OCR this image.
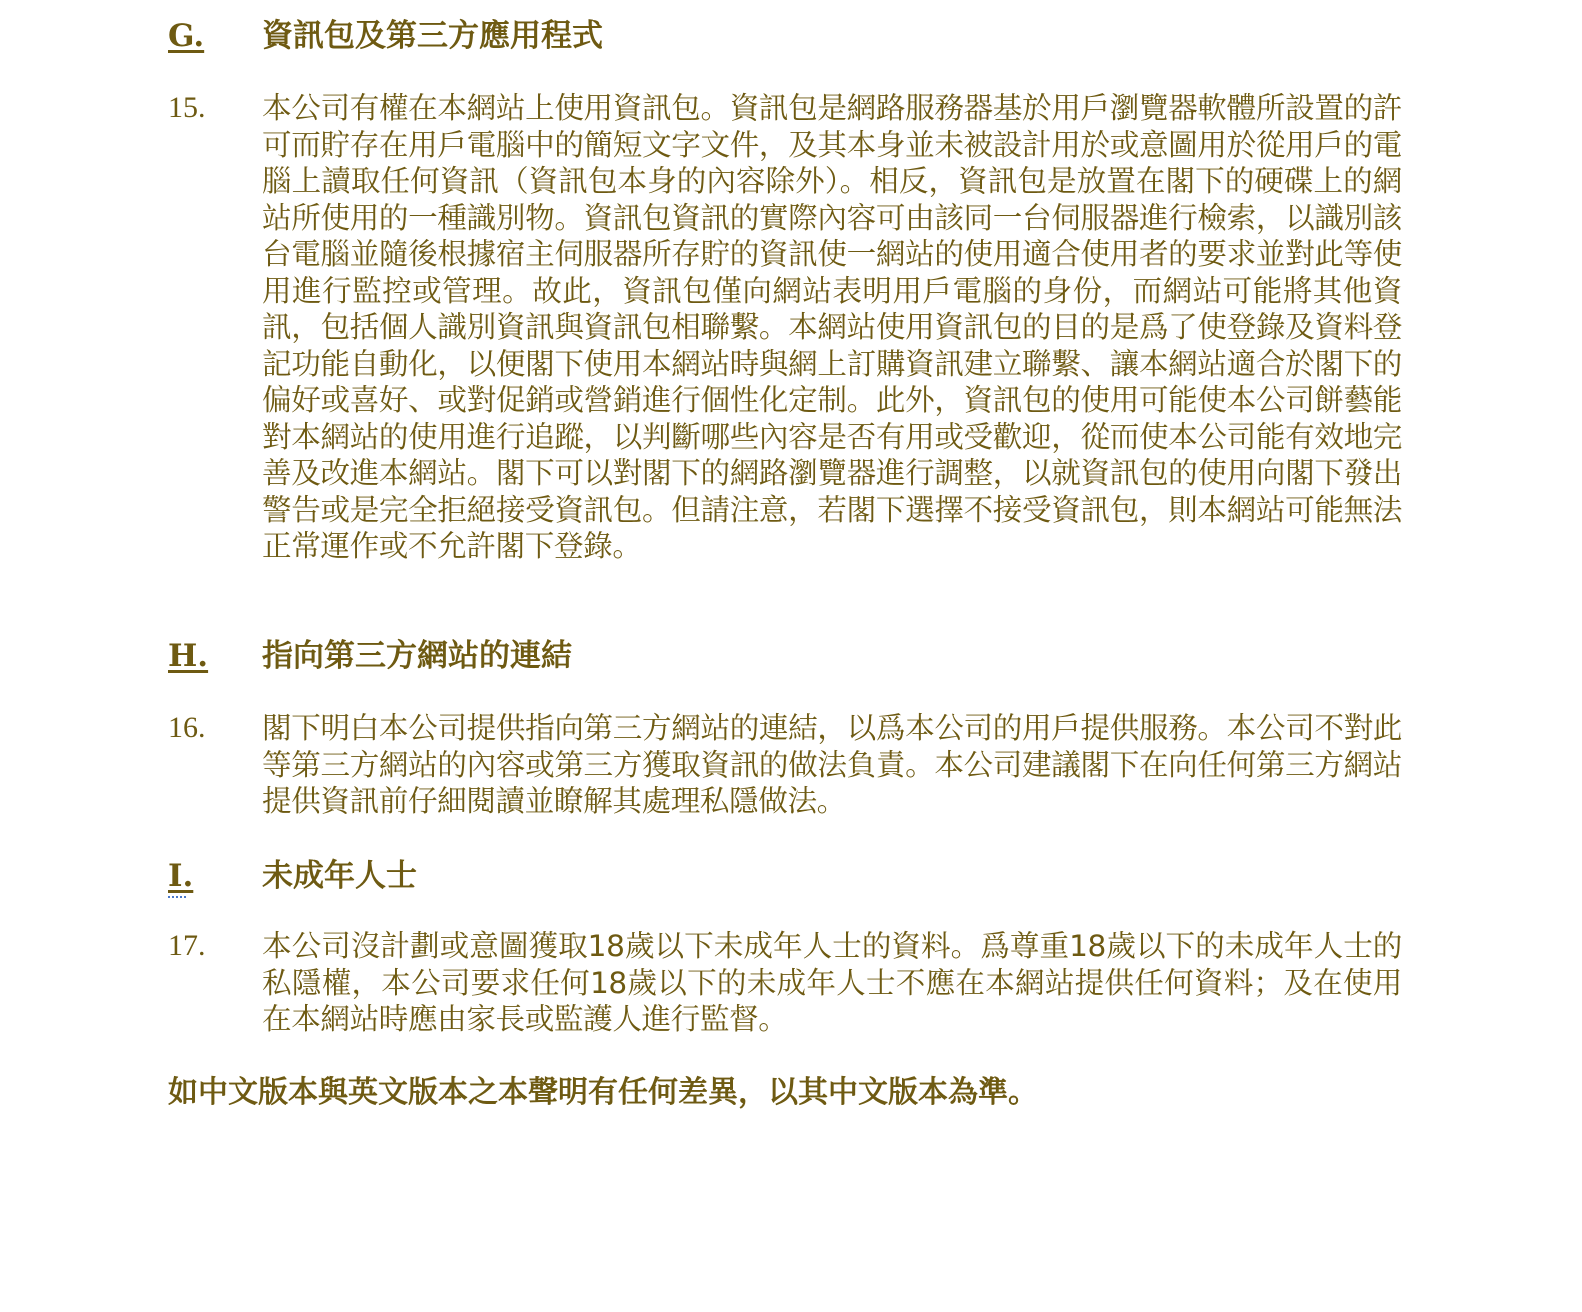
G. 資訊包及第三方應用程式
15. 本公司有權在本網站上使用資訊包。資訊包是網路服務器基於用戶瀏覽器軟體所設置的許可而貯存在用戶電腦中的簡短文字文件，及其本身並未被設計用於或意圖用於從用戶的電腦上讀取任何資訊（資訊包本身的內容除外）。相反，資訊包是放置在閣下的硬碟上的網站所使用的一種識別物。資訊包資訊的實際內容可由該同一台伺服器進行檢索，以識別該台電腦並隨後根據宿主伺服器所存貯的資訊使一網站的使用適合使用者的要求並對此等使用進行監控或管理。故此，資訊包僅向網站表明用戶電腦的身份，而網站可能將其他資訊，包括個人識別資訊與資訊包相聯繫。本網站使用資訊包的目的是爲了使登錄及資料登記功能自動化，以便閣下使用本網站時與網上訂購資訊建立聯繫、讓本網站適合於閣下的偏好或喜好、或對促銷或營銷進行個性化定制。此外，資訊包的使用可能使本公司餅藝能對本網站的使用進行追蹤，以判斷哪些內容是否有用或受歡迎，從而使本公司能有效地完善及改進本網站。閣下可以對閣下的網路瀏覽器進行調整，以就資訊包的使用向閣下發出警告或是完全拒絕接受資訊包。但請注意，若閣下選擇不接受資訊包，則本網站可能無法正常運作或不允許閣下登錄。
H. 指向第三方網站的連結
16. 閣下明白本公司提供指向第三方網站的連結，以爲本公司的用戶提供服務。本公司不對此等第三方網站的內容或第三方獲取資訊的做法負責。本公司建議閣下在向任何第三方網站提供資訊前仔細閱讀並瞭解其處理私隱做法。
I. 未成年人士
17. 本公司沒計劃或意圖獲取18歲以下未成年人士的資料。爲尊重18歲以下的未成年人士的私隱權，本公司要求任何18歲以下的未成年人士不應在本網站提供任何資料；及在使用在本網站時應由家長或監護人進行監督。
如中文版本與英文版本之本聲明有任何差異，以其中文版本為準。
